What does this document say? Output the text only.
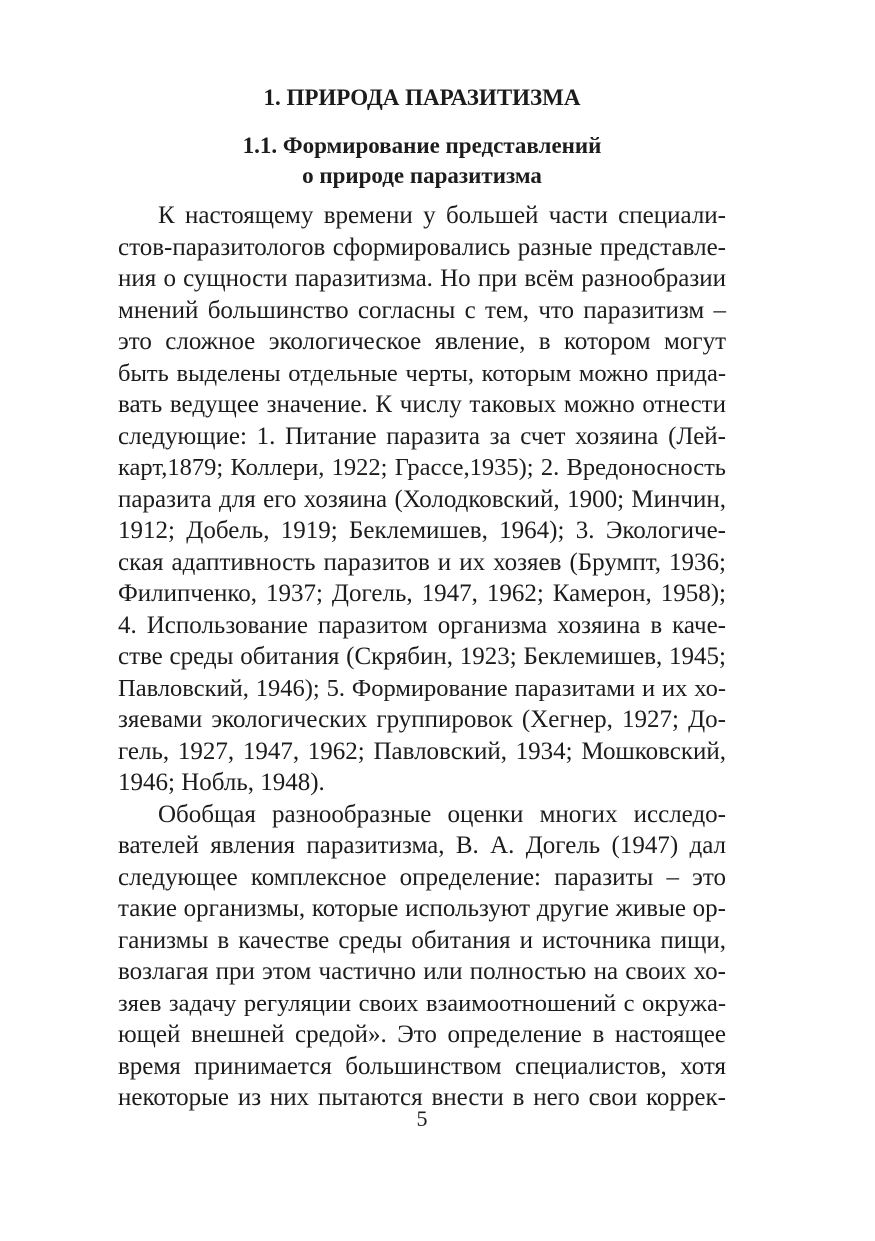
1. ПРИРОДА ПАРАЗИТИЗМА
1.1. Формирование представлений
о природе паразитизма
К настоящему времени у большей части специали-
стов-паразитологов сформировались разные представле-
ния о сущности паразитизма. Но при всём разнообразии
мнений большинство согласны с тем, что паразитизм –
это сложное экологическое явление, в котором могут
быть выделены отдельные черты, которым можно прида-
вать ведущее значение. К числу таковых можно отнести
следующие: 1. Питание паразита за счет хозяина (Лей-
карт,1879; Коллери, 1922; Грассе,1935); 2. Вредоносность
паразита для его хозяина (Холодковский, 1900; Минчин,
1912; Добель, 1919; Беклемишев, 1964); 3. Экологиче-
ская адаптивность паразитов и их хозяев (Брумпт, 1936;
Филипченко, 1937; Догель, 1947, 1962; Камерон, 1958);
4. Использование паразитом организма хозяина в каче-
стве среды обитания (Скрябин, 1923; Беклемишев, 1945;
Павловский, 1946); 5. Формирование паразитами и их хо-
зяевами экологических группировок (Хегнер, 1927; До-
гель, 1927, 1947, 1962; Павловский, 1934; Мошковский,
1946; Нобль, 1948).
Обобщая разнообразные оценки многих исследо-
вателей явления паразитизма, В. А. Догель (1947) дал
следующее комплексное определение: паразиты – это
такие организмы, которые используют другие живые ор-
ганизмы в качестве среды обитания и источника пищи,
возлагая при этом частично или полностью на своих хо-
зяев задачу регуляции своих взаимоотношений с окружа-
ющей внешней средой». Это определение в настоящее
время принимается большинством специалистов, хотя
некоторые из них пытаются внести в него свои коррек-
5
